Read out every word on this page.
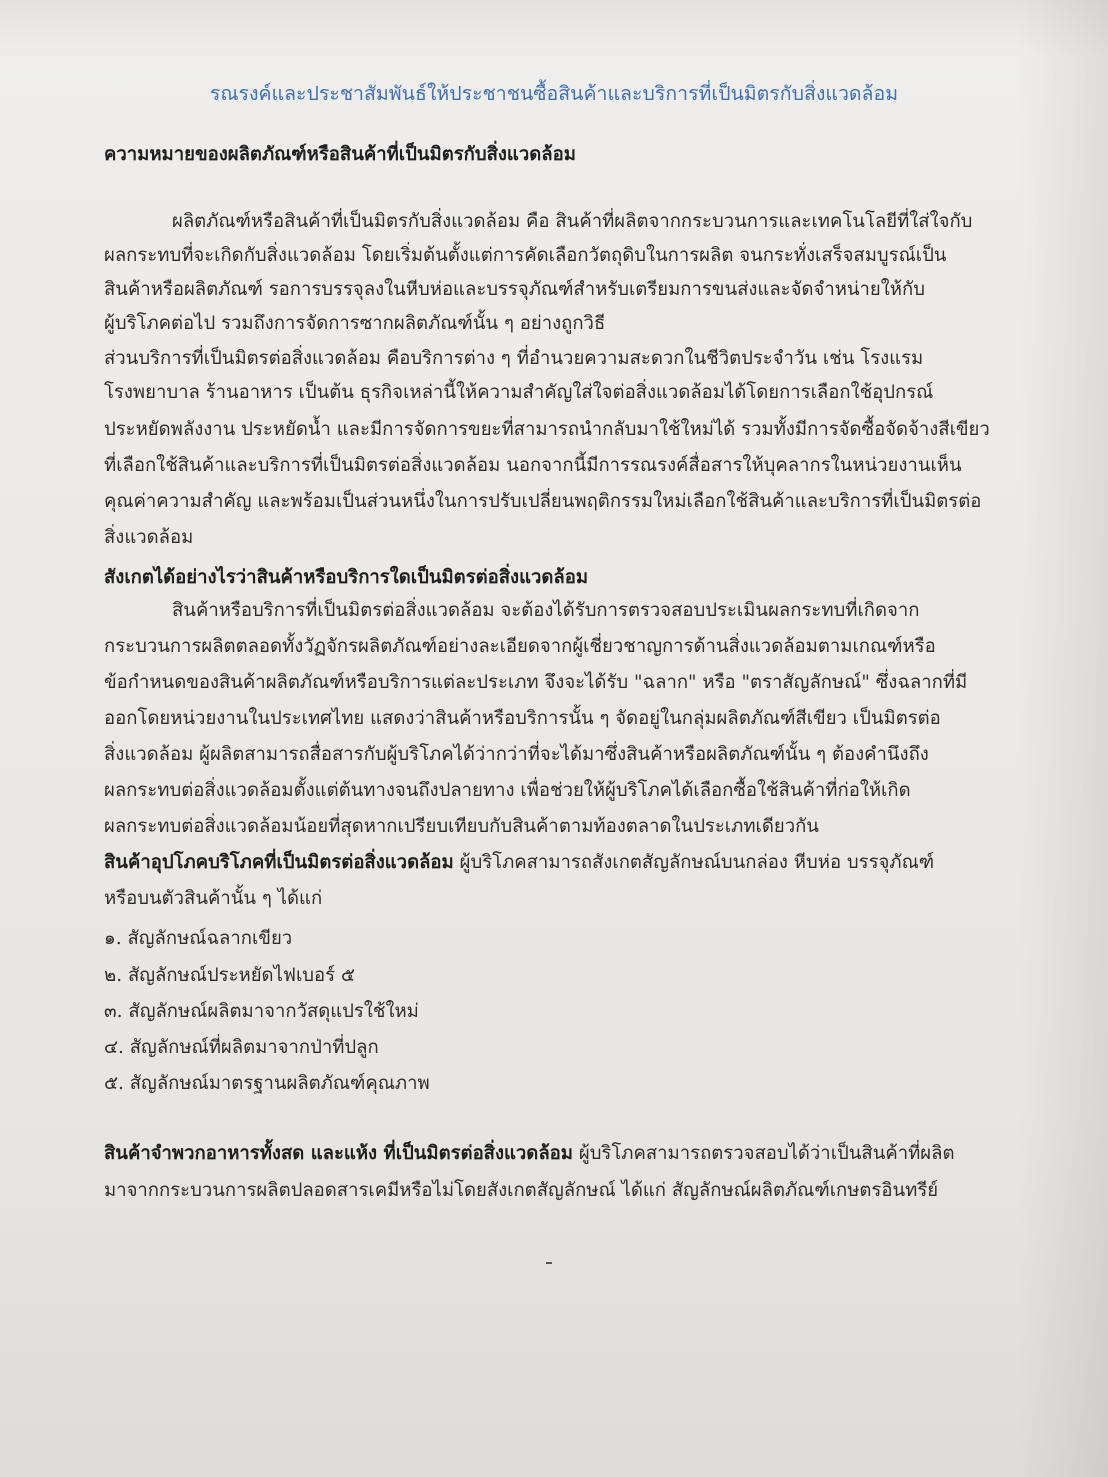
รณรงค์และประชาสัมพันธ์ให้ประชาชนซื้อสินค้าและบริการที่เป็นมิตรกับสิ่งแวดล้อม
ความหมายของผลิตภัณฑ์หรือสินค้าที่เป็นมิตรกับสิ่งแวดล้อม
ผลิตภัณฑ์หรือสินค้าที่เป็นมิตรกับสิ่งแวดล้อม คือ สินค้าที่ผลิตจากกระบวนการและเทคโนโลยีที่ใส่ใจกับ
ผลกระทบที่จะเกิดกับสิ่งแวดล้อม โดยเริ่มต้นตั้งแต่การคัดเลือกวัตถุดิบในการผลิต จนกระทั่งเสร็จสมบูรณ์เป็น
สินค้าหรือผลิตภัณฑ์ รอการบรรจุลงในหีบห่อและบรรจุภัณฑ์สำหรับเตรียมการขนส่งและจัดจำหน่ายให้กับ
ผู้บริโภคต่อไป รวมถึงการจัดการซากผลิตภัณฑ์นั้น ๆ อย่างถูกวิธี
ส่วนบริการที่เป็นมิตรต่อสิ่งแวดล้อม คือบริการต่าง ๆ ที่อำนวยความสะดวกในชีวิตประจำวัน เช่น โรงแรม
โรงพยาบาล ร้านอาหาร เป็นต้น ธุรกิจเหล่านี้ให้ความสำคัญใส่ใจต่อสิ่งแวดล้อมได้โดยการเลือกใช้อุปกรณ์
ประหยัดพลังงาน ประหยัดน้ำ และมีการจัดการขยะที่สามารถนำกลับมาใช้ใหม่ได้ รวมทั้งมีการจัดซื้อจัดจ้างสีเขียว
ที่เลือกใช้สินค้าและบริการที่เป็นมิตรต่อสิ่งแวดล้อม นอกจากนี้มีการรณรงค์สื่อสารให้บุคลากรในหน่วยงานเห็น
คุณค่าความสำคัญ และพร้อมเป็นส่วนหนึ่งในการปรับเปลี่ยนพฤติกรรมใหม่เลือกใช้สินค้าและบริการที่เป็นมิตรต่อ
สิ่งแวดล้อม
สังเกตได้อย่างไรว่าสินค้าหรือบริการใดเป็นมิตรต่อสิ่งแวดล้อม
สินค้าหรือบริการที่เป็นมิตรต่อสิ่งแวดล้อม จะต้องได้รับการตรวจสอบประเมินผลกระทบที่เกิดจาก
กระบวนการผลิตตลอดทั้งวัฏจักรผลิตภัณฑ์อย่างละเอียดจากผู้เชี่ยวชาญการด้านสิ่งแวดล้อมตามเกณฑ์หรือ
ข้อกำหนดของสินค้าผลิตภัณฑ์หรือบริการแต่ละประเภท จึงจะได้รับ "ฉลาก" หรือ "ตราสัญลักษณ์" ซึ่งฉลากที่มี
ออกโดยหน่วยงานในประเทศไทย แสดงว่าสินค้าหรือบริการนั้น ๆ จัดอยู่ในกลุ่มผลิตภัณฑ์สีเขียว เป็นมิตรต่อ
สิ่งแวดล้อม ผู้ผลิตสามารถสื่อสารกับผู้บริโภคได้ว่ากว่าที่จะได้มาซึ่งสินค้าหรือผลิตภัณฑ์นั้น ๆ ต้องคำนึงถึง
ผลกระทบต่อสิ่งแวดล้อมตั้งแต่ต้นทางจนถึงปลายทาง เพื่อช่วยให้ผู้บริโภคได้เลือกซื้อใช้สินค้าที่ก่อให้เกิด
ผลกระทบต่อสิ่งแวดล้อมน้อยที่สุดหากเปรียบเทียบกับสินค้าตามท้องตลาดในประเภทเดียวกัน
สินค้าอุปโภคบริโภคที่เป็นมิตรต่อสิ่งแวดล้อม ผู้บริโภคสามารถสังเกตสัญลักษณ์บนกล่อง หีบห่อ บรรจุภัณฑ์
หรือบนตัวสินค้านั้น ๆ ได้แก่
๑. สัญลักษณ์ฉลากเขียว
๒. สัญลักษณ์ประหยัดไฟเบอร์ ๕
๓. สัญลักษณ์ผลิตมาจากวัสดุแปรใช้ใหม่
๔. สัญลักษณ์ที่ผลิตมาจากป่าที่ปลูก
๕. สัญลักษณ์มาตรฐานผลิตภัณฑ์คุณภาพ
สินค้าจำพวกอาหารทั้งสด และแห้ง ที่เป็นมิตรต่อสิ่งแวดล้อม ผู้บริโภคสามารถตรวจสอบได้ว่าเป็นสินค้าที่ผลิต
มาจากกระบวนการผลิตปลอดสารเคมีหรือไม่โดยสังเกตสัญลักษณ์ ได้แก่ สัญลักษณ์ผลิตภัณฑ์เกษตรอินทรีย์
